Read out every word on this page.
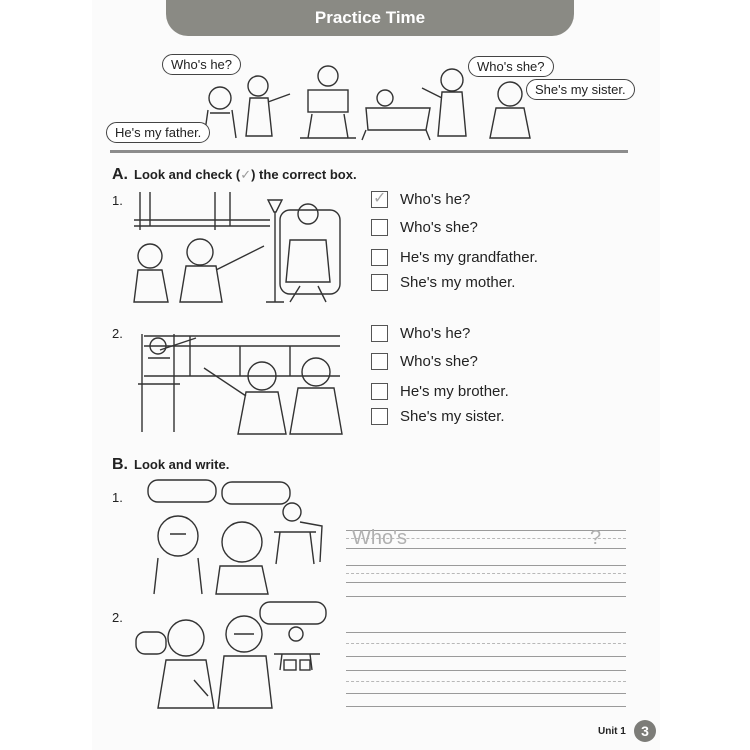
Practice Time
Who's he?
He's my father.
Who's she?
She's my sister.
A. Look and check (✓) the correct box.
1.	✓ Who's he?
Who's she?
He's my grandfather.
She's my mother.
2.	Who's he?
Who's she?
He's my brother.
She's my sister.
B. Look and write.
1.
Who's	?
2.
Unit 1	3
